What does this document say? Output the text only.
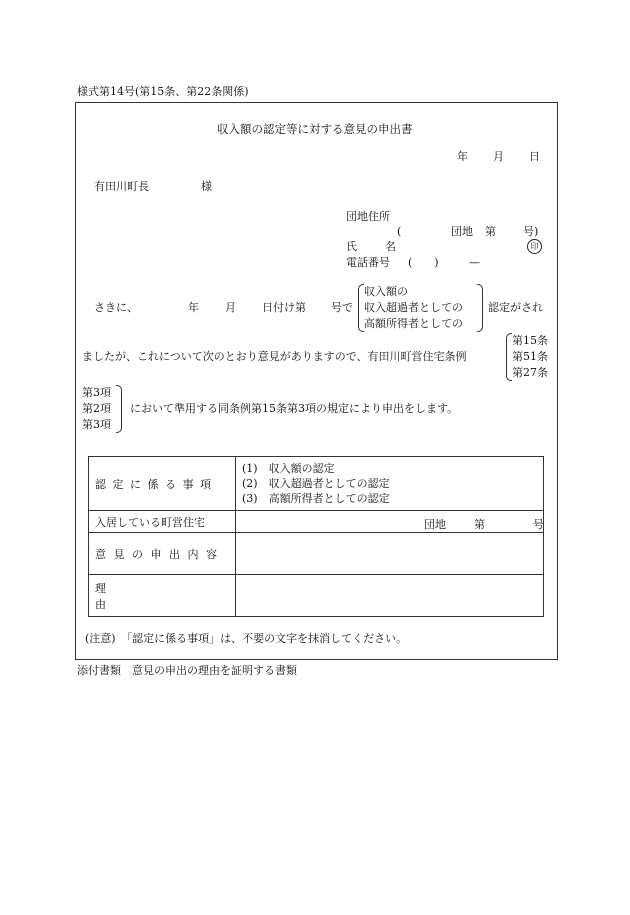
様式第14号(第15条、第22条関係)
収入額の認定等に対する意見の申出書
年 月 日
有田川町長	様
団地住所
(	団地 第 号)
氏	名	印
電話番号 (　　)	—
さきに、	年 月 日付け第 号で
収入額の
収入超過者としての
高額所得者としての
認定がされ
ましたが、これについて次のとおり意見がありますので、有田川町営住宅条例
第15条
第51条
第27条
第3項
第2項
第3項
において準用する同条例第15条第3項の規定により申出をします。
認定に係る事項	(1)　収入額の認定
(2)　収入超過者としての認定
(3)　高額所得者としての認定

入居している町営住宅	団地 第 号

意見の申出内容	

理由	

(注意)　「認定に係る事項」は、不要の文字を抹消してください。
添付書類　意見の申出の理由を証明する書類
